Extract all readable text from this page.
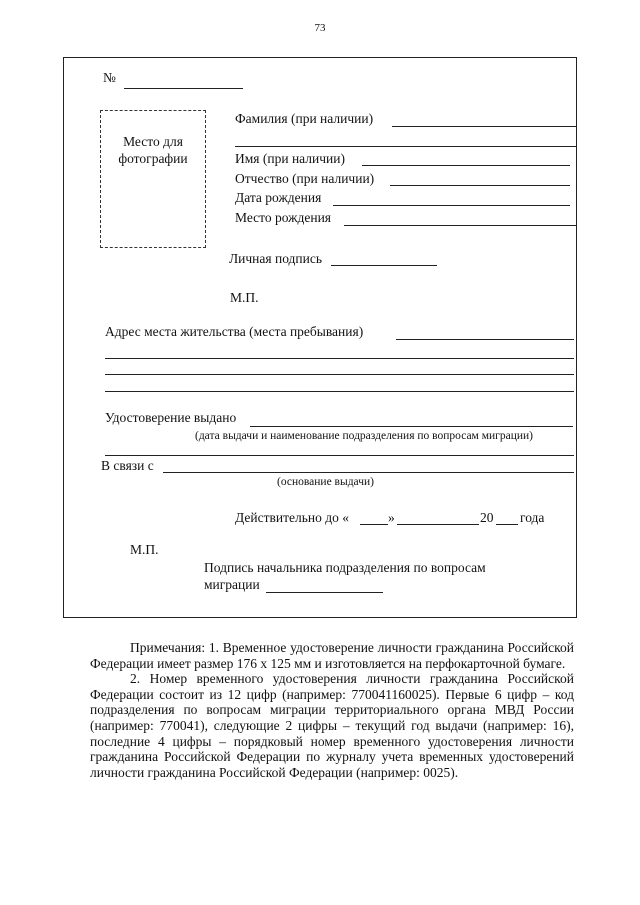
73
№
Место для фотографии
Фамилия (при наличии)
Имя (при наличии)
Отчество (при наличии)
Дата рождения
Место рождения
Личная подпись
М.П.
Адрес места жительства (места пребывания)
Удостоверение выдано
(дата выдачи и наименование подразделения по вопросам миграции)
В связи с
(основание выдачи)
Действительно до «	»	20 года
М.П.
Подпись начальника подразделения по вопросам
миграции

Примечания: 1. Временное удостоверение личности гражданина Российской Федерации имеет размер 176 х 125 мм и изготовляется на перфокарточной бумаге.

2. Номер временного удостоверения личности гражданина Российской Федерации состоит из 12 цифр (например: 770041160025). Первые 6 цифр – код подразделения по вопросам миграции территориального органа МВД России (например: 770041), следующие 2 цифры – текущий год выдачи (например: 16), последние 4 цифры – порядковый номер временного удостоверения личности гражданина Российской Федерации по журналу учета временных удостоверений личности гражданина Российской Федерации (например: 0025).
